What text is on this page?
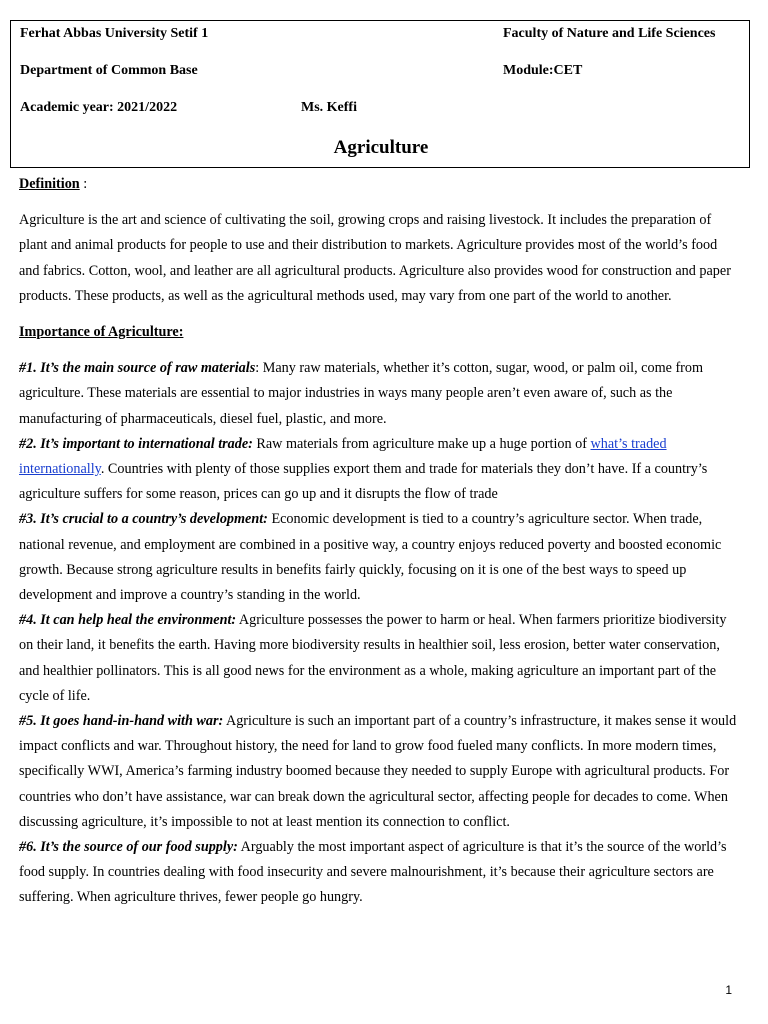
Ferhat Abbas University Setif 1	Faculty of Nature and Life Sciences
Department of Common Base	Module:CET
Academic year: 2021/2022	Ms. Keffi
Agriculture

Definition :

Agriculture is the art and science of cultivating the soil, growing crops and raising livestock. It includes the preparation of plant and animal products for people to use and their distribution to markets. Agriculture provides most of the world’s food and fabrics. Cotton, wool, and leather are all agricultural products. Agriculture also provides wood for construction and paper products. These products, as well as the agricultural methods used, may vary from one part of the world to another.

Importance of Agriculture:

#1. It’s the main source of raw materials: Many raw materials, whether it’s cotton, sugar, wood, or palm oil, come from agriculture. These materials are essential to major industries in ways many people aren’t even aware of, such as the manufacturing of pharmaceuticals, diesel fuel, plastic, and more.

#2. It’s important to international trade: Raw materials from agriculture make up a huge portion of what’s traded internationally. Countries with plenty of those supplies export them and trade for materials they don’t have. If a country’s agriculture suffers for some reason, prices can go up and it disrupts the flow of trade

#3. It’s crucial to a country’s development: Economic development is tied to a country’s agriculture sector. When trade, national revenue, and employment are combined in a positive way, a country enjoys reduced poverty and boosted economic growth. Because strong agriculture results in benefits fairly quickly, focusing on it is one of the best ways to speed up development and improve a country’s standing in the world.

#4. It can help heal the environment: Agriculture possesses the power to harm or heal. When farmers prioritize biodiversity on their land, it benefits the earth. Having more biodiversity results in healthier soil, less erosion, better water conservation, and healthier pollinators. This is all good news for the environment as a whole, making agriculture an important part of the cycle of life.

#5. It goes hand-in-hand with war: Agriculture is such an important part of a country’s infrastructure, it makes sense it would impact conflicts and war. Throughout history, the need for land to grow food fueled many conflicts. In more modern times, specifically WWI, America’s farming industry boomed because they needed to supply Europe with agricultural products. For countries who don’t have assistance, war can break down the agricultural sector, affecting people for decades to come. When discussing agriculture, it’s impossible to not at least mention its connection to conflict.

#6. It’s the source of our food supply: Arguably the most important aspect of agriculture is that it’s the source of the world’s food supply. In countries dealing with food insecurity and severe malnourishment, it’s because their agriculture sectors are suffering. When agriculture thrives, fewer people go hungry.

1
